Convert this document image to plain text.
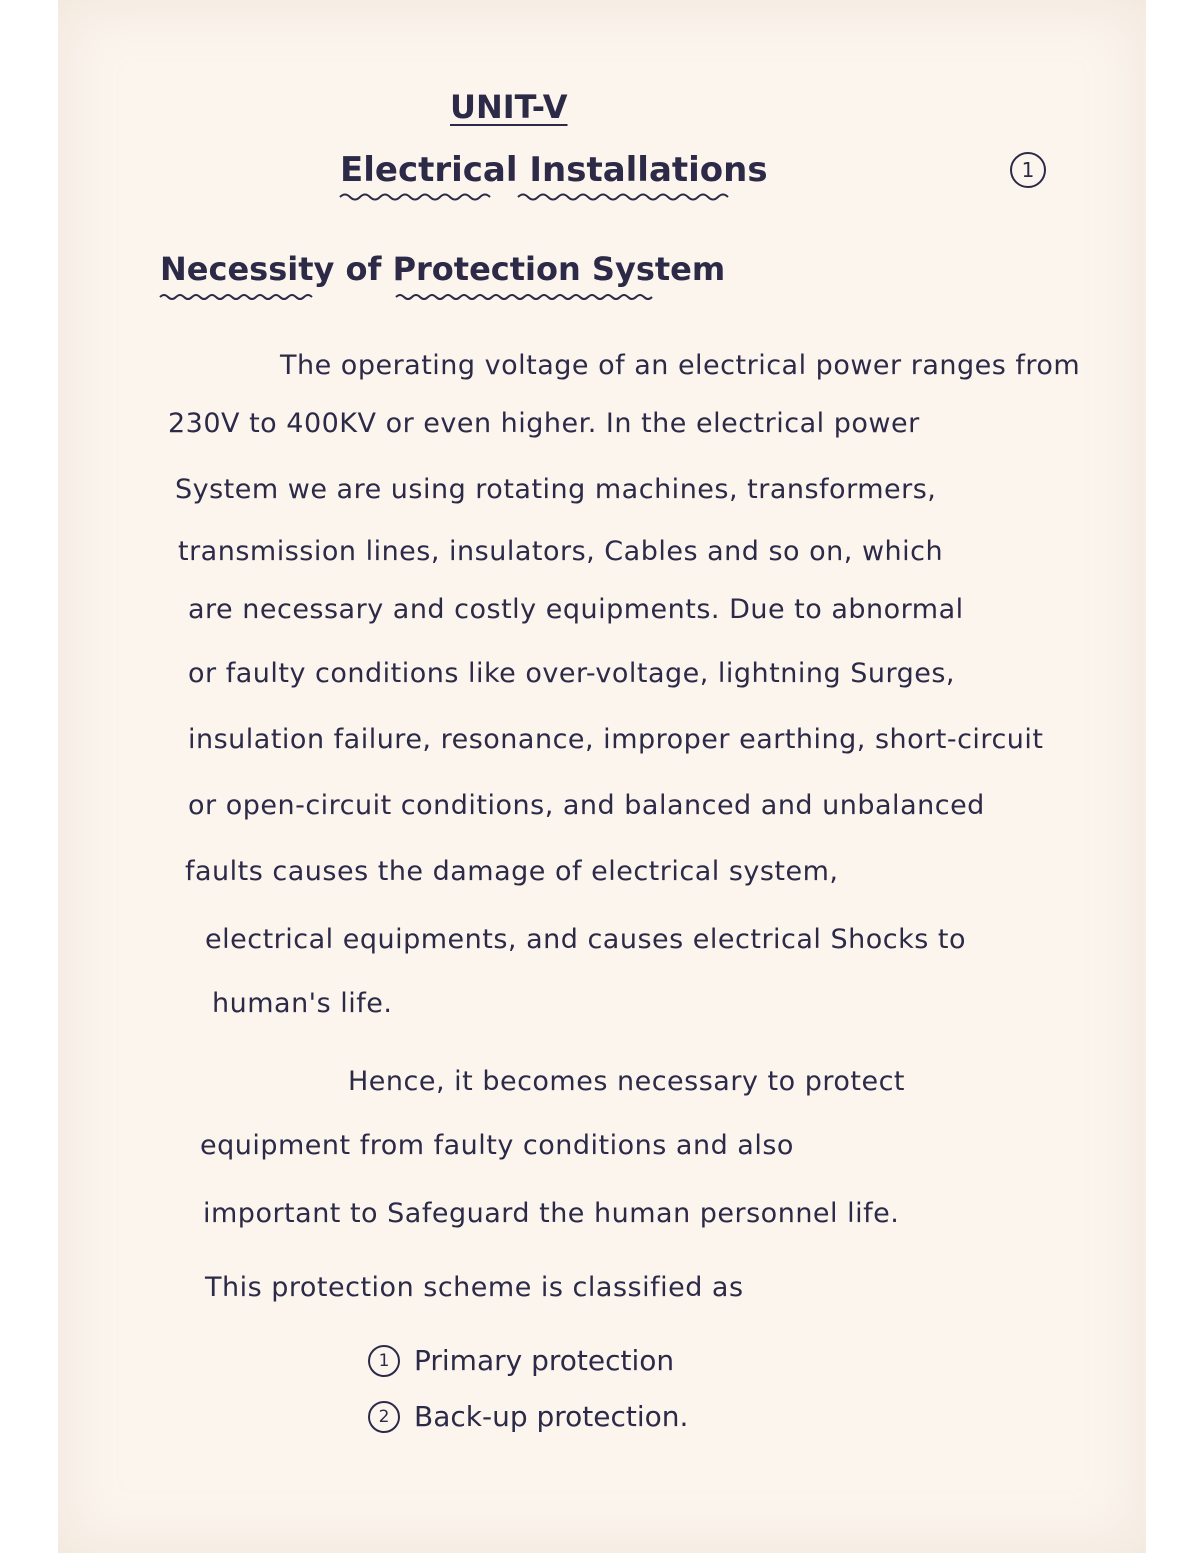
UNIT-V
Electrical Installations	1
Necessity of Protection System

The operating voltage of an electrical power ranges from

230V to 400KV or even higher. In the electrical power

System we are using rotating machines, transformers,

transmission lines, insulators, Cables and so on, which

are necessary and costly equipments. Due to abnormal

or faulty conditions like over-voltage, lightning Surges,

insulation failure, resonance, improper earthing, short-circuit

or open-circuit conditions, and balanced and unbalanced

faults causes the damage of electrical system,

electrical equipments, and causes electrical Shocks to

human's life.

Hence, it becomes necessary to protect

equipment from faulty conditions and also

important to Safeguard the human personnel life.

This protection scheme is classified as

1 Primary protection
2 Back-up protection.
